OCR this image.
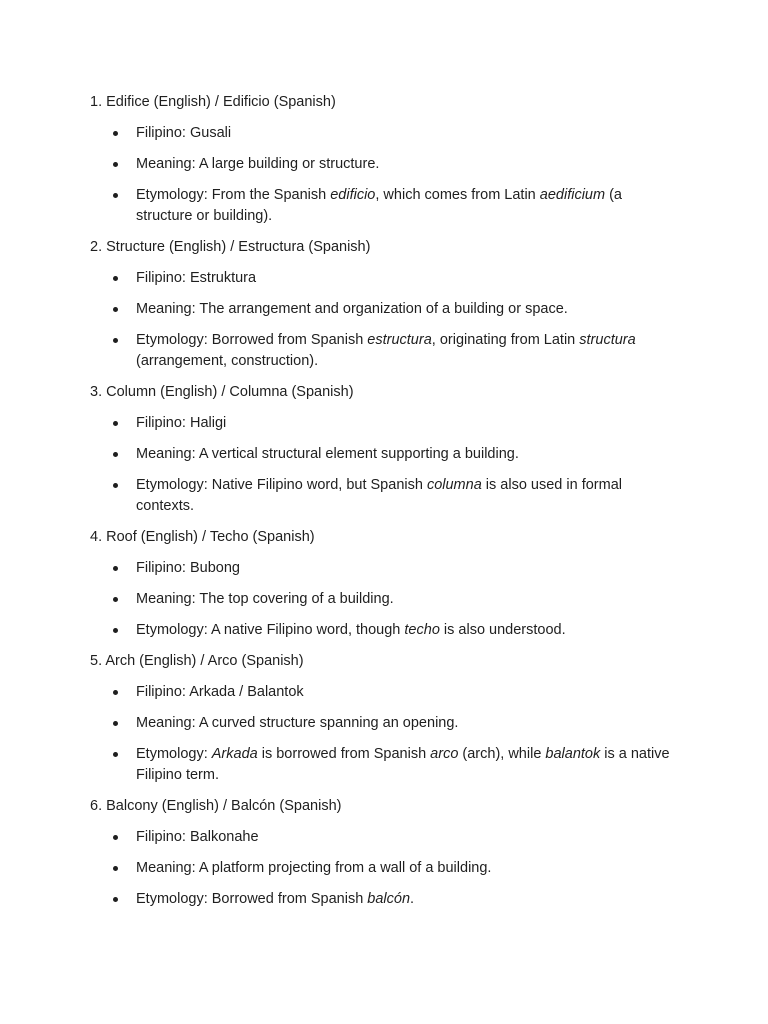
1. Edifice (English) / Edificio (Spanish)
Filipino: Gusali
Meaning: A large building or structure.
Etymology: From the Spanish edificio, which comes from Latin aedificium (a structure or building).
2. Structure (English) / Estructura (Spanish)
Filipino: Estruktura
Meaning: The arrangement and organization of a building or space.
Etymology: Borrowed from Spanish estructura, originating from Latin structura (arrangement, construction).
3. Column (English) / Columna (Spanish)
Filipino: Haligi
Meaning: A vertical structural element supporting a building.
Etymology: Native Filipino word, but Spanish columna is also used in formal contexts.
4. Roof (English) / Techo (Spanish)
Filipino: Bubong
Meaning: The top covering of a building.
Etymology: A native Filipino word, though techo is also understood.
5. Arch (English) / Arco (Spanish)
Filipino: Arkada / Balantok
Meaning: A curved structure spanning an opening.
Etymology: Arkada is borrowed from Spanish arco (arch), while balantok is a native Filipino term.
6. Balcony (English) / Balcón (Spanish)
Filipino: Balkonahe
Meaning: A platform projecting from a wall of a building.
Etymology: Borrowed from Spanish balcón.
